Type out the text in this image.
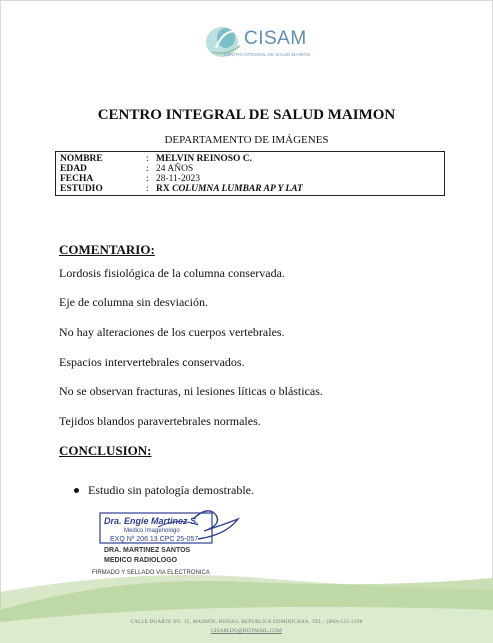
CISAM
CENTRO INTEGRAL DE SALUD MAIMON
CENTRO INTEGRAL DE SALUD MAIMON
DEPARTAMENTO DE IMÁGENES
NOMBRE	: MELVIN REINOSO C.
EDAD	: 24 AÑOS
FECHA	: 28-11-2023
ESTUDIO	: RX COLUMNA LUMBAR AP Y LAT
COMENTARIO:
Lordosis fisiológica de la columna conservada.
Eje de columna sin desviación.
No hay alteraciones de los cuerpos vertebrales.
Espacios intervertebrales conservados.
No se observan fracturas, ni lesiones líticas o blásticas.
Tejidos blandos paravertebrales normales.
CONCLUSION:
Estudio sin patología demostrable.
Dra. Engie Martinez S.
Medico Imagenologo
EXQ Nº 206 13 CPC 25-057
DRA. MARTINEZ SANTOS
MEDICO RADIOLOGO
FIRMADO Y SELLADO VIA ELECTRONICA
CALLE DUARTE NO. 15, MAIMÓN, BONAO, REPUBLICA DOMINICANA, TEL.: (809)-551-2198
CISAM.DO@HOTMAIL.COM
